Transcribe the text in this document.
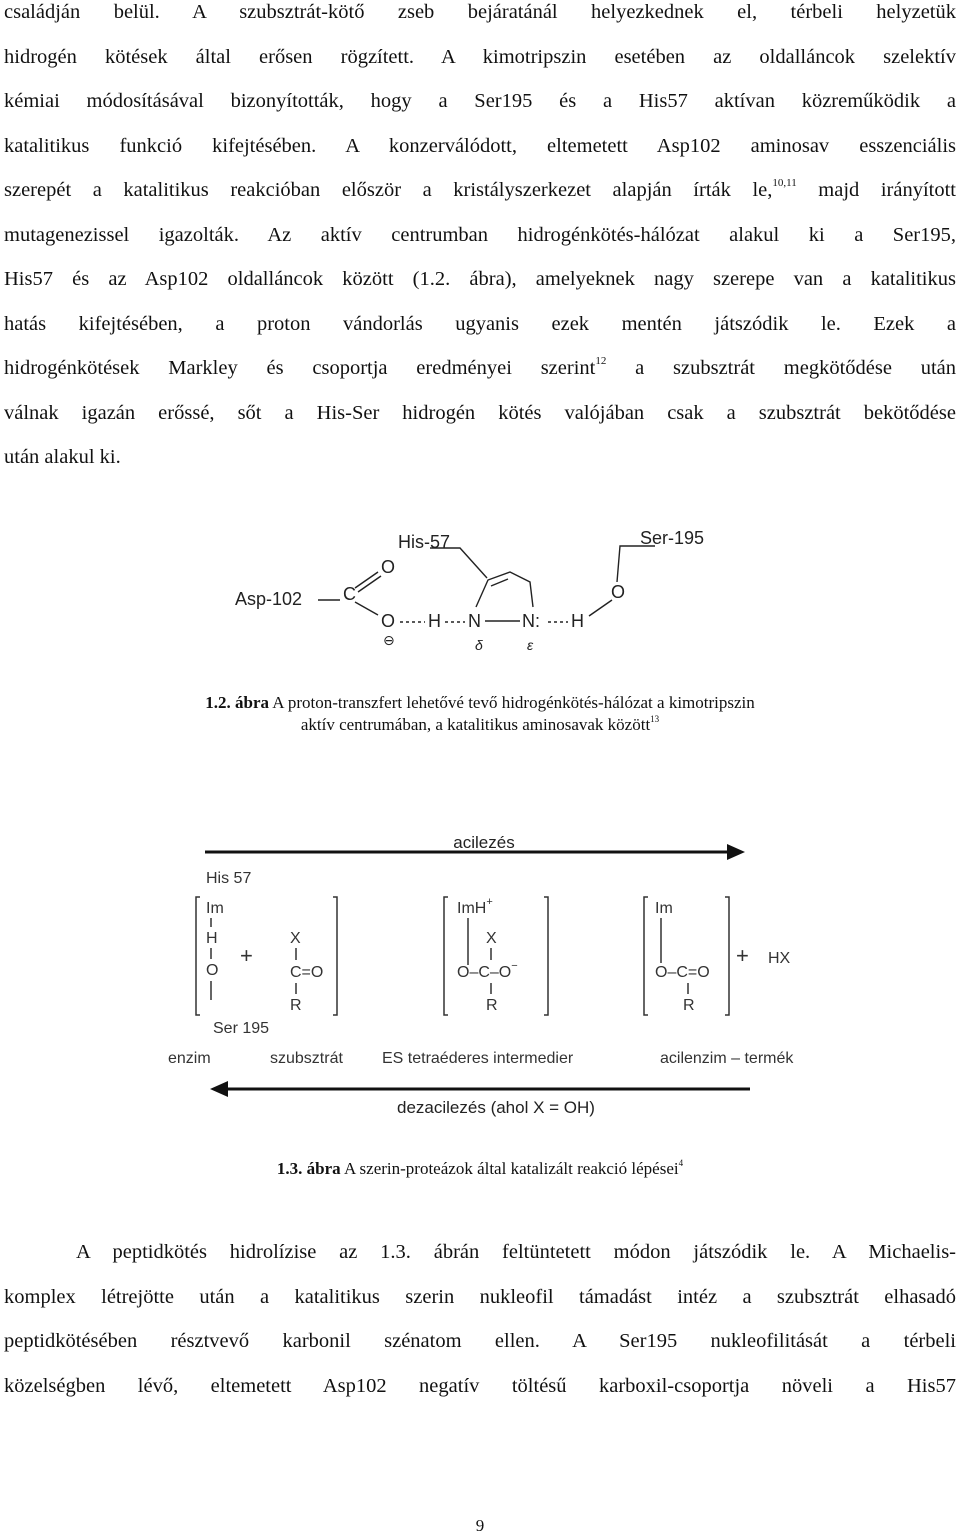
családján belül. A szubsztrát-kötő zseb bejáratánál helyezkednek el, térbeli helyzetük
hidrogén kötések által erősen rögzített. A kimotripszin esetében az oldalláncok szelektív
kémiai módosításával bizonyították, hogy a Ser195 és a His57 aktívan közreműködik a
katalitikus funkció kifejtésében. A konzerválódott, eltemetett Asp102 aminosav esszenciális
szerepét a katalitikus reakcióban először a kristályszerkezet alapján írták le,$^{10,11}$ majd irányított
mutagenezissel igazolták. Az aktív centrumban hidrogénkötés-hálózat alakul ki a Ser195,
His57 és az Asp102 oldalláncok között (1.2. ábra), amelyeknek nagy szerepe van a katalitikus
hatás kifejtésében, a proton vándorlás ugyanis ezek mentén játszódik le. Ezek a
hidrogénkötések Markley és csoportja eredményei szerint$^{12}$ a szubsztrát megkötődése után
válnak igazán erőssé, sőt a His-Ser hidrogén kötés valójában csak a szubsztrát bekötődése
után alakul ki.
Asp-102
His-57	Ser-195
C
O
O
⊖
H N N: H
O
δ	ε
1.2. ábra A proton-transzfert lehetővé tevő hidrogénkötés-hálózat a kimotripszin
aktív centrumában, a katalitikus aminosavak között$^{13}$
acilezés
His 57
Im
H
O
Ser 195
+
X
C=O
R
ImH+
X
O–C–O−
R
Im
O–C=O
R
+ HX
enzim	szubsztrát ES tetraéderes intermedier	acilenzim – termék
dezacilezés (ahol X = OH)
1.3. ábra A szerin-proteázok által katalizált reakció lépései$^4$
A peptidkötés hidrolízise az 1.3. ábrán feltüntetett módon játszódik le. A Michaelis-
komplex létrejötte után a katalitikus szerin nukleofil támadást intéz a szubsztrát elhasadó
peptidkötésében résztvevő karbonil szénatom ellen. A Ser195 nukleofilitását a térbeli
közelségben lévő, eltemetett Asp102 negatív töltésű karboxil-csoportja növeli a His57
9
